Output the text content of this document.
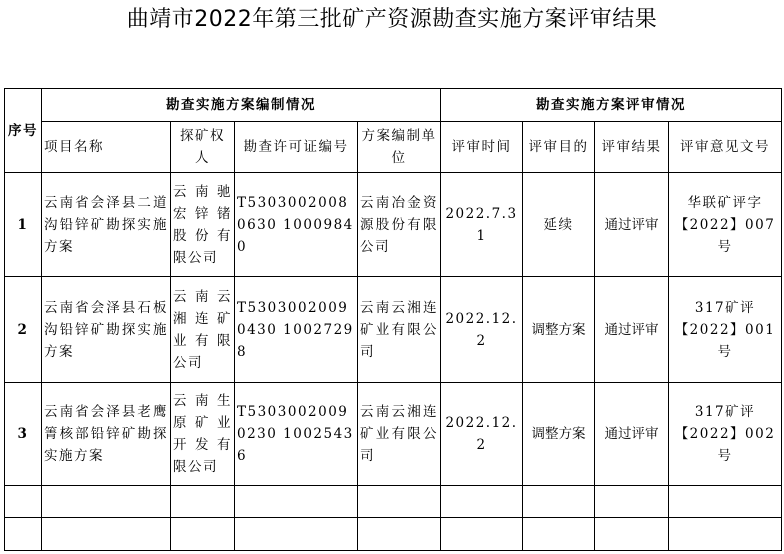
曲靖市2022年第三批矿产资源勘查实施方案评审结果
序号	勘查实施方案编制情况				勘查实施方案评审情况			
	项目名称	探矿权人	勘查许可证编号	方案编制单位	评审时间	评审目的	评审结果	评审意见文号
1	云南省会泽县二道沟铅锌矿勘探实施方案	云南驰宏锌锗股份有限公司	T53030020080630 10009840	云南冶金资源股份有限公司	2022.7.31	延续	通过评审	华联矿评字
【2022】007号

2	云南省会泽县石板沟铅锌矿勘探实施方案	云南云湘连矿业有限公司	T53030020090430 10027298	云南云湘连矿业有限公司	2022.12.2	调整方案	通过评审	317矿评
【2022】001号

3	云南省会泽县老鹰箐核部铅锌矿勘探实施方案	云南生原矿业开发有限公司	T53030020090230 10025436	云南云湘连矿业有限公司	2022.12.2	调整方案	通过评审	317矿评
【2022】002号
